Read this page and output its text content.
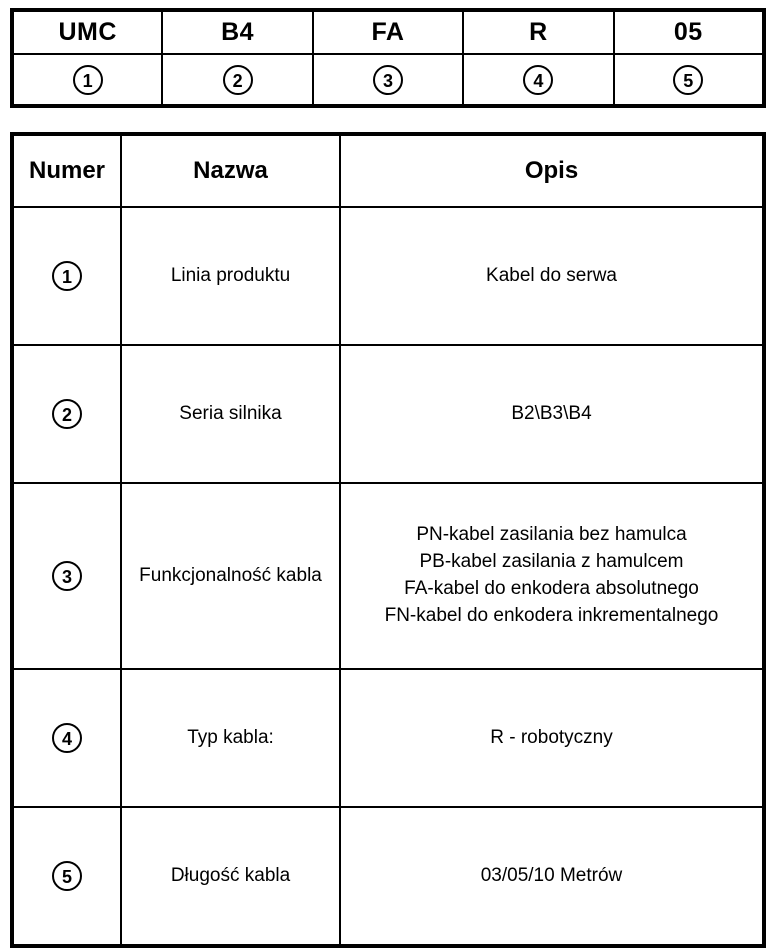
UMC	B4	FA	R	05
1	2	3	4	5
Numer	Nazwa	Opis
1	Linia produktu	Kabel do serwa

2	Seria silnika	B2\B3\B4

3	Funkcjonalność kabla	PN-kabel zasilania bez hamulca
PB-kabel zasilania z hamulcem
FA-kabel do enkodera absolutnego
FN-kabel do enkodera inkrementalnego

4	Typ kabla:	R - robotyczny

5	Długość kabla	03/05/10 Metrów
